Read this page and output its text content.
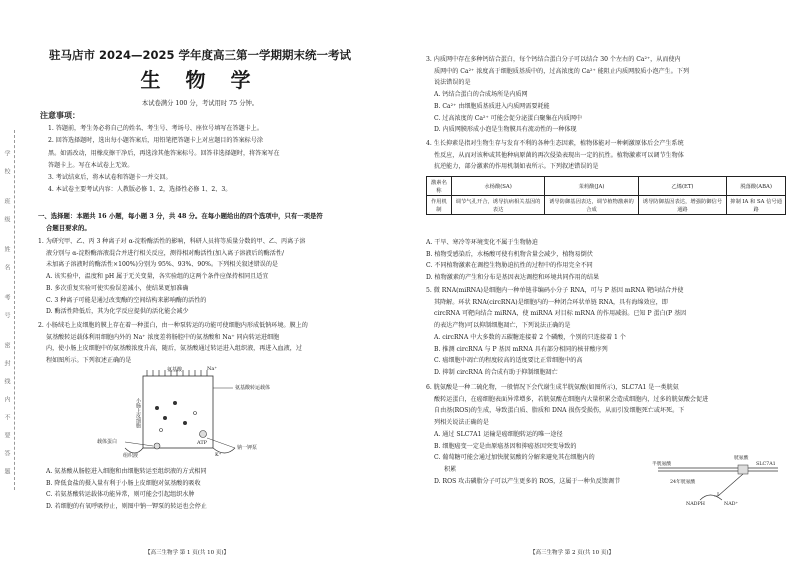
学
校
班
级
姓
名
考
号
密
封
线
内
不
要
答
题
驻马店市 2024—2025 学年度高三第一学期期末统一考试
生 物 学
本试卷满分 100 分，考试用时 75 分钟。
注意事项：
1. 答题前，考生务必将自己的姓名、考生号、考场号、座位号填写在答题卡上。
2. 回答选择题时，选出每小题答案后，用铅笔把答题卡上对应题目的答案标号涂
黑。如需改动，用橡皮擦干净后，再选涂其他答案标号。回答非选择题时，将答案写在
答题卡上。写在本试卷上无效。
3. 考试结束后，将本试卷和答题卡一并交回。
4. 本试卷主要考试内容：人教版必修 1、2，选择性必修 1、2、3。
一、选择题：本题共 16 小题，每小题 3 分，共 48 分。在每小题给出的四个选项中，只有一项是符
合题目要求的。
1. 为研究甲、乙、丙 3 种离子对 α-淀粉酶活性的影响，科研人员将等质量分数的甲、乙、丙离子溶
液分别与 α-淀粉酶溶液混合并进行相关反应，测得相对酶活性(加入离子溶液后的酶活性/
未加离子溶液时的酶活性×100%)分别为 95%、93%、90%。下列相关叙述错误的是
A. 该实验中，温度和 pH 属于无关变量，各实验组的这两个条件应保持相同且适宜
B. 多次重复实验可使实验误差减小，使结果更加准确
C. 3 种离子可能是通过改变酶的空间结构来影响酶的活性的
D. 酶活性降低后，其为化学反应提供的活化能会减少
2. 小肠绒毛上皮细胞的膜上存在着一种蛋白，由一种泵转运的功能可使细胞内形成低钠环境。膜上的
氨基酸转运载体利用细胞内外的 Na⁺ 浓度差将肠腔中的氨基酸和 Na⁺ 同向转运进细胞
内，使小肠上皮细胞中的氨基酸浓度升高，随后，氨基酸通过转运进入组织液，再进入血液，过
程如图所示。下列叙述正确的是
氨基酸	Na⁺
氨基酸转运载体
小肠上皮细胞
载体蛋白	ATP
钠一钾泵
组织液	K⁺
A. 氨基酸从肠腔进入细胞和由细胞转运至组织液的方式相同
B. 降低食盐的摄入量有利于小肠上皮细胞对氨基酸的吸收
C. 若氨基酸转运载体功能异常，则可能会引起组织水肿
D. 若细胞的有氧呼吸停止，则图中钠一钾泵的转运也会停止
【高三生物学 第 1 页(共 10 页)】
3. 内质网中存在多种钙结合蛋白，每个钙结合蛋白分子可以结合 30 个左右的 Ca²⁺，从而使内
质网中的 Ca²⁺ 浓度高于细胞质基质中的，过高浓度的 Ca²⁺ 能阻止内质网胶质小泡产生。下列
说法错误的是
A. 钙结合蛋白的合成场所是内质网
B. Ca²⁺ 由细胞质基质进入内质网需要耗能
C. 过高浓度的 Ca²⁺ 可能会促分泌蛋白聚集在内质网中
D. 内质网膜形成小泡是生物膜具有流动性的一种体现
4. 生长抑素是指对生物生存与发育不利的各种生态因素，植物体能对一种刺激原体后会产生系统
性反应，从而对该种或其他种病原菌的再次侵染表现出一定的抗性。植物激素可以调节生物体
抗逆能力，部分激素的作用机制如表所示。下列叙述错误的是
激素名称	水杨酸(SA)	茉莉酸(JA)	乙烯(ET)	脱落酸(ABA)
作用机制	调节气孔开合，诱导抗病相关基因的表达	诱导防御基因表达，调节植物激素的合成	诱导防御基因表达，增强防御信号通路	抑制 IA 和 SA 信号通路
A. 干旱、寒冷等环境变化不属于生物胁迫
B. 植物受感染后，水杨酸可使有机物含量会减少，植物易倒伏
C. 不同植物激素在调控生物胁迫抗性的过程中的作用完全不同
D. 植物激素的产生和分布是基因表达调控和环境共同作用的结果
5. 微 RNA(miRNA)是细胞内一种单链非编码小分子 RNA，可与 P 基因 mRNA 靶向结合并使
其降解。环状 RNA(circRNA)是细胞内的一种闭合环状单链 RNA，具有海绵效应，即
circRNA 可靶向结合 miRNA，使 miRNA 对目标 mRNA 的作用减弱。已知 P 蛋白(P 基因
的表达产物)可以抑制细胞凋亡，下列说法正确的是
A. circRNA 中大多数的五碳糖连接着 2 个磷酸，个别的只连接着 1 个
B. 推测 circRNA 与 P 基因 mRNA 具有部分相同的核苷酸序列
C. 癌细胞中凋亡的程度较高的适度要比正常细胞中的高
D. 抑制 circRNA 的合成有助于抑制细胞凋亡
6. 胱氨酸是一种二硫化物，一般情况下会代谢生成半胱氨酸(如图所示)，SLC7A1 是一类胱氨
酸转运蛋白，在癌细胞表面异常增多，若胱氨酸在细胞内大量积累会造成细胞内，过多的胱氨酸会促进
自由基(ROS)的生成，导致蛋白质、脂质和 DNA 损伤受损伤，从而引发细胞死亡或坏死。下
列相关说法正确的是
A. 通过 SLC7A1 运输是癌细胞转运的唯一途径
B. 细胞癌变一定是由原癌基因和抑癌基因突变导致的
C. 葡萄糖可能会通过加快胱氨酸的分解来避免其在细胞内的
积累
D. ROS 攻击磷脂分子可以产生更多的 ROS，这属于一种负反馈调节
胱氨酸
SLC7A1
半胱氨酸
24年胱氨酸
NADPH	NAD⁺
【高三生物学 第 2 页(共 10 页)】
